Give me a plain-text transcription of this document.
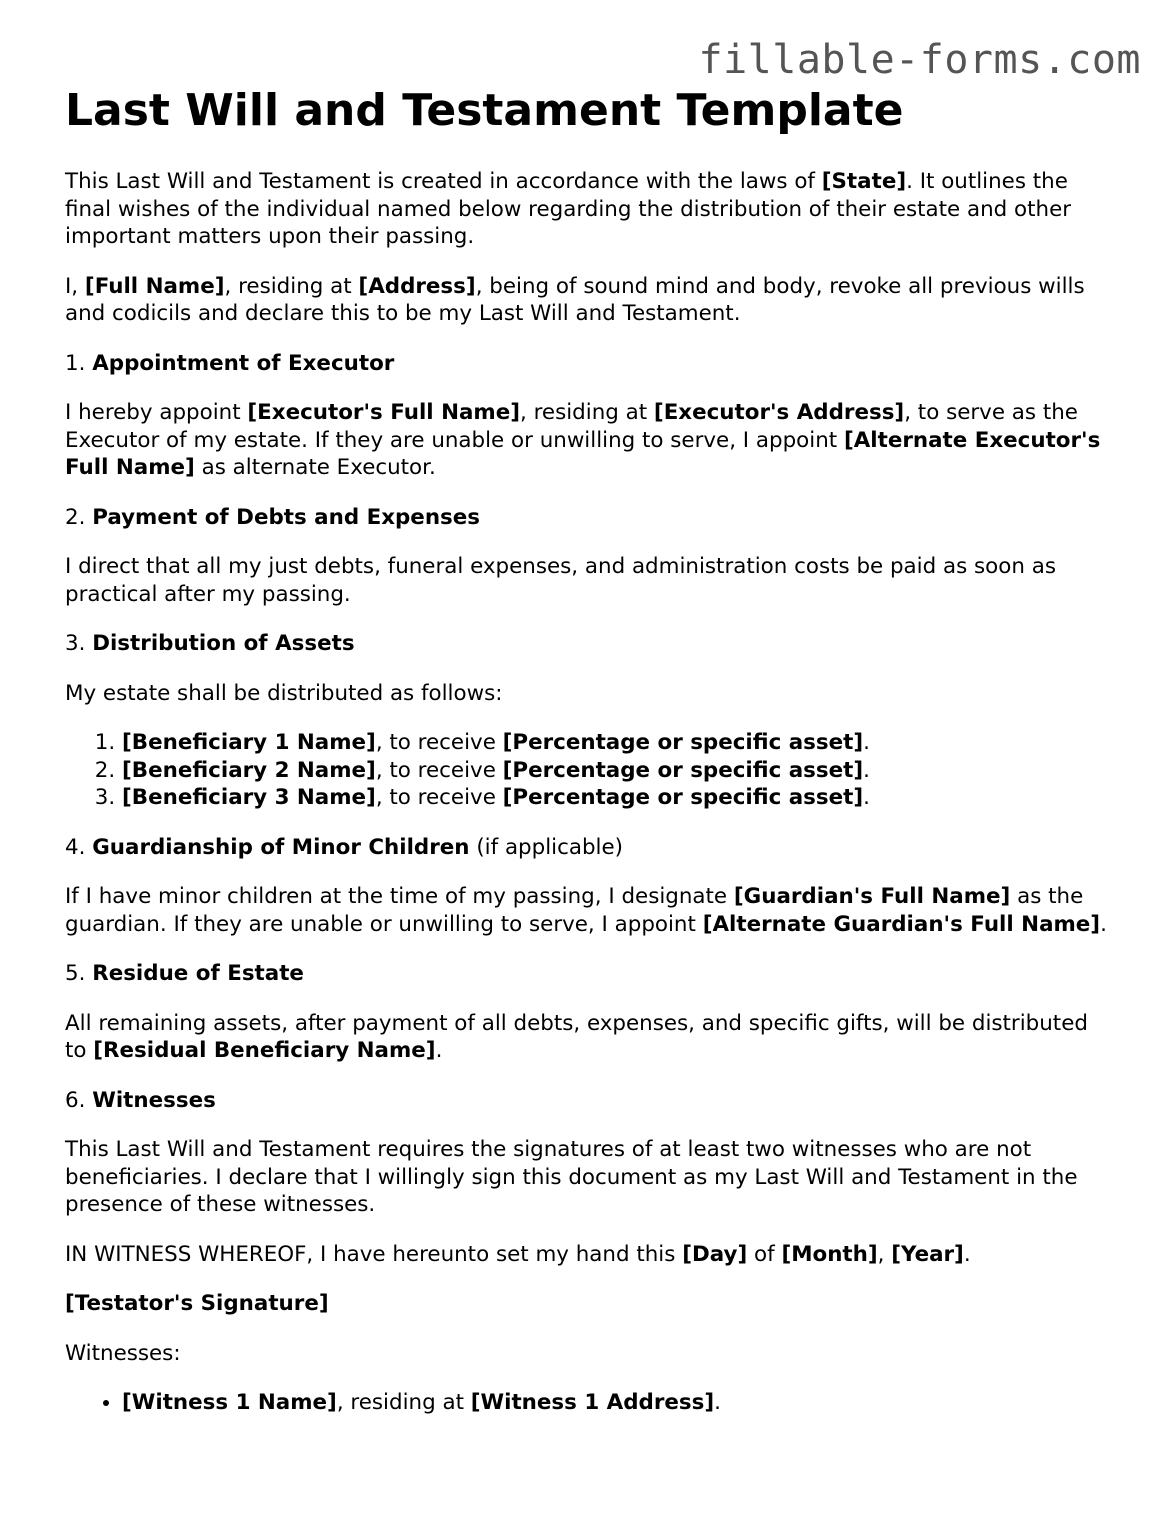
fillable-forms.com
Last Will and Testament Template

This Last Will and Testament is created in accordance with the laws of [State]. It outlines the final wishes of the individual named below regarding the distribution of their estate and other important matters upon their passing.

I, [Full Name], residing at [Address], being of sound mind and body, revoke all previous wills and codicils and declare this to be my Last Will and Testament.

1. Appointment of Executor

I hereby appoint [Executor's Full Name], residing at [Executor's Address], to serve as the Executor of my estate. If they are unable or unwilling to serve, I appoint [Alternate Executor's Full Name] as alternate Executor.

2. Payment of Debts and Expenses

I direct that all my just debts, funeral expenses, and administration costs be paid as soon as practical after my passing.

3. Distribution of Assets

My estate shall be distributed as follows:

1. [Beneficiary 1 Name], to receive [Percentage or specific asset].
2. [Beneficiary 2 Name], to receive [Percentage or specific asset].
3. [Beneficiary 3 Name], to receive [Percentage or specific asset].

4. Guardianship of Minor Children (if applicable)

If I have minor children at the time of my passing, I designate [Guardian's Full Name] as the guardian. If they are unable or unwilling to serve, I appoint [Alternate Guardian's Full Name].

5. Residue of Estate

All remaining assets, after payment of all debts, expenses, and specific gifts, will be distributed to [Residual Beneficiary Name].

6. Witnesses

This Last Will and Testament requires the signatures of at least two witnesses who are not beneficiaries. I declare that I willingly sign this document as my Last Will and Testament in the presence of these witnesses.

IN WITNESS WHEREOF, I have hereunto set my hand this [Day] of [Month], [Year].

[Testator's Signature]

Witnesses:

• [Witness 1 Name], residing at [Witness 1 Address].
